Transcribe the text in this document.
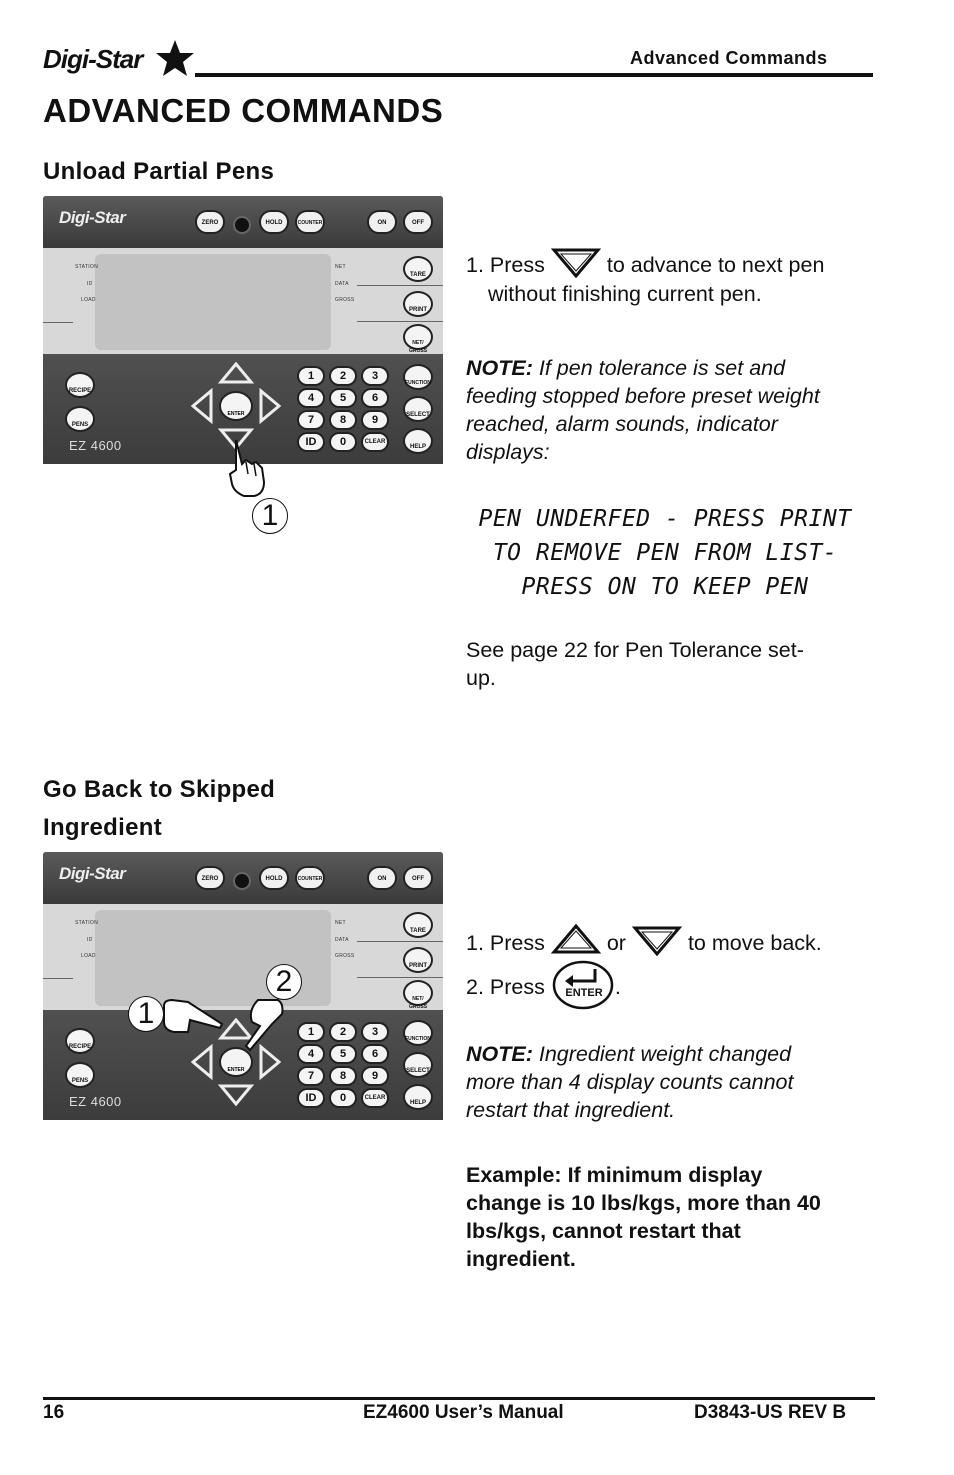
Digi-Star	Advanced Commands
ADVANCED COMMANDS
Unload Partial Pens
Digi-Star	ZERO	HOLD	COUNTER	ON	OFF
STATION
ID
LOAD
NET
DATA
GROSS
TARE
PRINT
NET/ GROSS
RECIPE
PENS
ENTER
1	2	3
4	5	6
7	8	9
ID	0	CLEAR
FUNCTION
SELECT
HELP
EZ 4600
1

1. Press	to advance to next pen

without finishing current pen.

NOTE: If pen tolerance is set and

feeding stopped before preset weight

reached, alarm sounds, indicator

displays:

PEN UNDERFED - PRESS PRINT
TO REMOVE PEN FROM LIST-
PRESS ON TO KEEP PEN

See page 22 for Pen Tolerance set-

up.

Go Back to Skipped
Ingredient
Digi-Star	ZERO	HOLD	COUNTER	ON	OFF
STATION
ID
LOAD
NET
DATA
GROSS
TARE
PRINT
NET/ GROSS
RECIPE
PENS
ENTER
1	2	3
4	5	6
7	8	9
ID	0	CLEAR
FUNCTION
SELECT
HELP
EZ 4600
1
2

1. Press	or	to move back.

2. Press	.

ENTER

NOTE: Ingredient weight changed

more than 4 display counts cannot

restart that ingredient.

Example: If minimum display

change is 10 lbs/kgs, more than 40

lbs/kgs, cannot restart that

ingredient.

16	EZ4600 User’s Manual	D3843-US REV B
